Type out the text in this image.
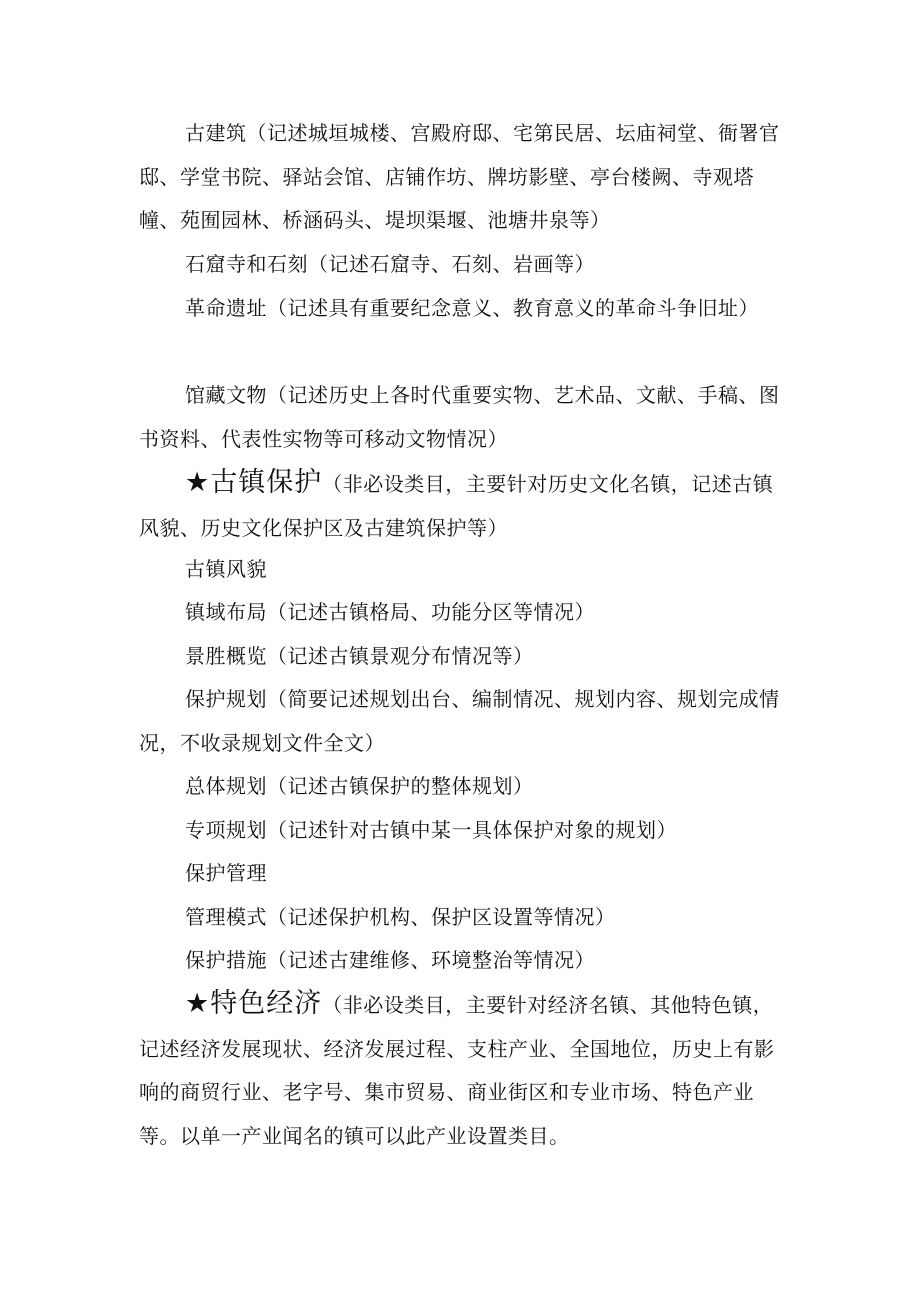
古建筑（记述城垣城楼、宫殿府邸、宅第民居、坛庙祠堂、衙署官邸、学堂书院、驿站会馆、店铺作坊、牌坊影壁、亭台楼阙、寺观塔幢、苑囿园林、桥涵码头、堤坝渠堰、池塘井泉等）

石窟寺和石刻（记述石窟寺、石刻、岩画等）

革命遗址（记述具有重要纪念意义、教育意义的革命斗争旧址）

馆藏文物（记述历史上各时代重要实物、艺术品、文献、手稿、图书资料、代表性实物等可移动文物情况）

★古镇保护（非必设类目，主要针对历史文化名镇，记述古镇风貌、历史文化保护区及古建筑保护等）

古镇风貌

镇域布局（记述古镇格局、功能分区等情况）

景胜概览（记述古镇景观分布情况等）

保护规划（简要记述规划出台、编制情况、规划内容、规划完成情况，不收录规划文件全文）

总体规划（记述古镇保护的整体规划）

专项规划（记述针对古镇中某一具体保护对象的规划）

保护管理

管理模式（记述保护机构、保护区设置等情况）

保护措施（记述古建维修、环境整治等情况）

★特色经济（非必设类目，主要针对经济名镇、其他特色镇，记述经济发展现状、经济发展过程、支柱产业、全国地位，历史上有影响的商贸行业、老字号、集市贸易、商业街区和专业市场、特色产业等。以单一产业闻名的镇可以此产业设置类目。
